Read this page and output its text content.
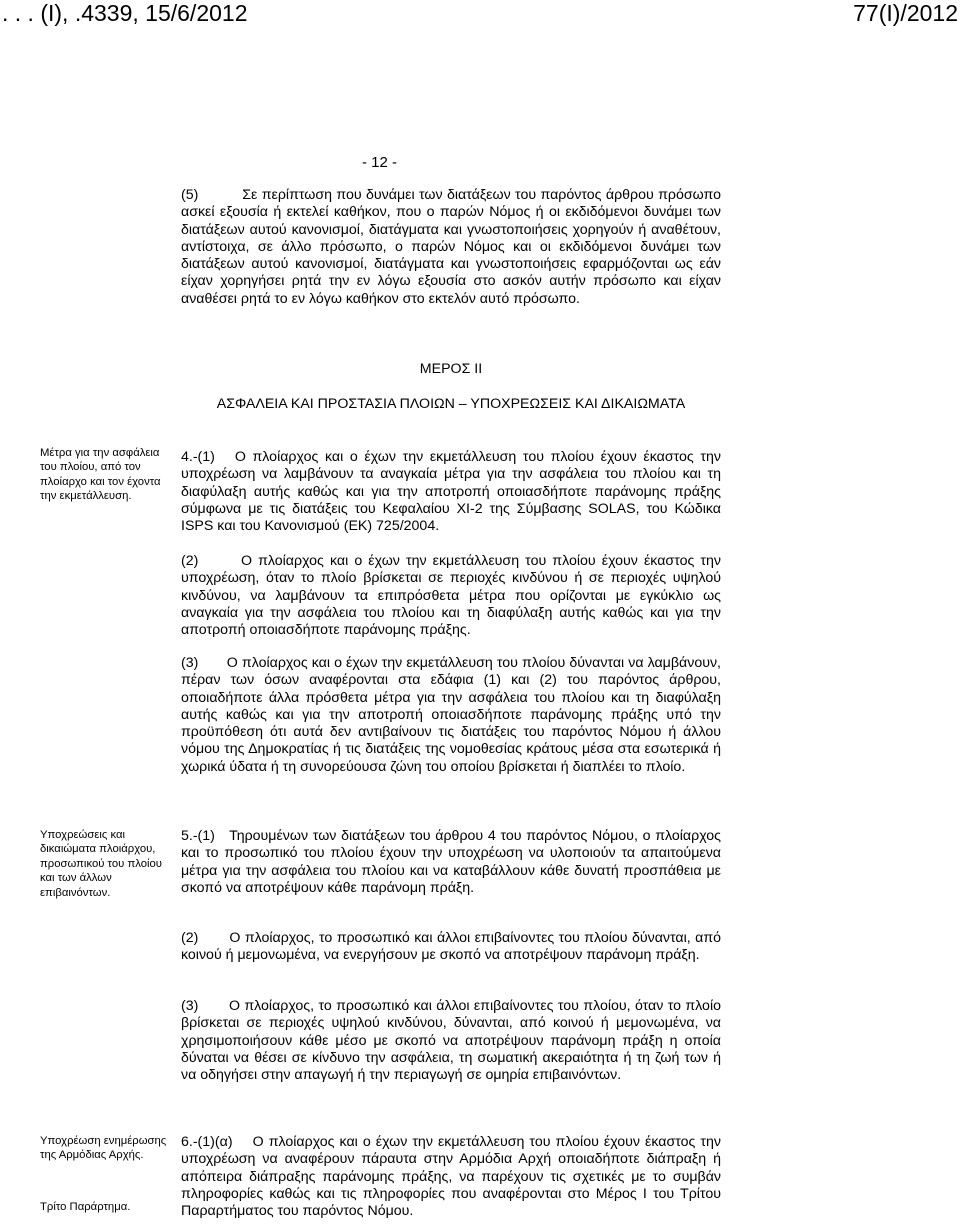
. . . (Ι), .4339, 15/6/2012	77(Ι)/2012
- 12 -
(5)          Σε περίπτωση που δυνάμει των διατάξεων του παρόντος άρθρου πρόσωπο ασκεί εξουσία ή εκτελεί καθήκον, που ο παρών Νόμος ή οι εκδιδόμενοι δυνάμει των διατάξεων αυτού κανονισμοί, διατάγματα και γνωστοποιήσεις χορηγούν ή αναθέτουν, αντίστοιχα, σε άλλο πρόσωπο, ο παρών Νόμος και οι εκδιδόμενοι δυνάμει των διατάξεων αυτού κανονισμοί, διατάγματα και γνωστοποιήσεις εφαρμόζονται ως εάν είχαν χορηγήσει ρητά την εν λόγω εξουσία στο ασκόν αυτήν πρόσωπο και είχαν αναθέσει ρητά το εν λόγω καθήκον στο εκτελόν αυτό πρόσωπο.
ΜΕΡΟΣ ΙΙ
ΑΣΦΑΛΕΙΑ ΚΑΙ ΠΡΟΣΤΑΣΙΑ ΠΛΟΙΩΝ – ΥΠΟΧΡΕΩΣΕΙΣ ΚΑΙ ΔΙΚΑΙΩΜΑΤΑ
Μέτρα για την ασφάλεια του πλοίου, από τον πλοίαρχο και τον έχοντα την εκμετάλλευση.
4.-(1)   Ο πλοίαρχος και ο έχων την εκμετάλλευση του πλοίου έχουν έκαστος την υποχρέωση να λαμβάνουν τα αναγκαία μέτρα για την ασφάλεια του πλοίου και τη διαφύλαξη αυτής καθώς και για την αποτροπή οποιασδήποτε παράνομης πράξης σύμφωνα με τις διατάξεις του Κεφαλαίου ΧΙ-2 της Σύμβασης SOLAS, του Κώδικα ISPS και του Κανονισμού (ΕΚ) 725/2004.
(2)       Ο πλοίαρχος και ο έχων την εκμετάλλευση του πλοίου έχουν έκαστος την υποχρέωση, όταν το πλοίο βρίσκεται σε περιοχές κινδύνου ή σε περιοχές υψηλού κινδύνου, να λαμβάνουν τα επιπρόσθετα μέτρα που ορίζονται με εγκύκλιο ως αναγκαία για την ασφάλεια του πλοίου και τη διαφύλαξη αυτής καθώς και για την αποτροπή οποιασδήποτε παράνομης πράξης.
(3)       Ο πλοίαρχος και ο έχων την εκμετάλλευση του πλοίου δύνανται να λαμβάνουν, πέραν των όσων αναφέρονται στα εδάφια (1) και (2) του παρόντος άρθρου, οποιαδήποτε άλλα πρόσθετα μέτρα για την ασφάλεια του πλοίου και τη διαφύλαξη αυτής καθώς και για την αποτροπή οποιασδήποτε παράνομης πράξης υπό την προϋπόθεση ότι αυτά δεν αντιβαίνουν τις διατάξεις του παρόντος Νόμου ή άλλου νόμου της Δημοκρατίας ή τις διατάξεις της νομοθεσίας κράτους μέσα στα εσωτερικά ή χωρικά ύδατα ή τη συνορεύουσα ζώνη του οποίου βρίσκεται ή διαπλέει το πλοίο.
Υποχρεώσεις και δικαιώματα πλοιάρχου, προσωπικού του πλοίου και των άλλων επιβαινόντων.
5.-(1)   Τηρουμένων των διατάξεων του άρθρου 4 του παρόντος Νόμου, ο πλοίαρχος και το προσωπικό του πλοίου έχουν την υποχρέωση να υλοποιούν τα απαιτούμενα μέτρα για την ασφάλεια του πλοίου και να καταβάλλουν κάθε δυνατή προσπάθεια με σκοπό να αποτρέψουν κάθε παράνομη πράξη.
(2)       Ο πλοίαρχος, το προσωπικό και άλλοι επιβαίνοντες του πλοίου δύνανται, από κοινού ή μεμονωμένα, να ενεργήσουν με σκοπό να αποτρέψουν παράνομη πράξη.
(3)       Ο πλοίαρχος, το προσωπικό και άλλοι επιβαίνοντες του πλοίου, όταν το πλοίο βρίσκεται σε περιοχές υψηλού κινδύνου, δύνανται, από κοινού ή μεμονωμένα, να χρησιμοποιήσουν κάθε μέσο με σκοπό να αποτρέψουν παράνομη πράξη η οποία δύναται να θέσει σε κίνδυνο την ασφάλεια, τη σωματική ακεραιότητα ή τη ζωή των ή να οδηγήσει στην απαγωγή ή την περιαγωγή σε ομηρία επιβαινόντων.
Υποχρέωση ενημέρωσης της Αρμόδιας Αρχής.
Τρίτο Παράρτημα.
6.-(1)(α)    Ο πλοίαρχος και ο έχων την εκμετάλλευση του πλοίου έχουν έκαστος την υποχρέωση να αναφέρουν πάραυτα στην Αρμόδια Αρχή οποιαδήποτε διάπραξη ή απόπειρα διάπραξης παράνομης πράξης, να παρέχουν τις σχετικές με το συμβάν πληροφορίες καθώς και τις πληροφορίες που αναφέρονται στο Μέρος Ι του Τρίτου Παραρτήματος του παρόντος Νόμου.
